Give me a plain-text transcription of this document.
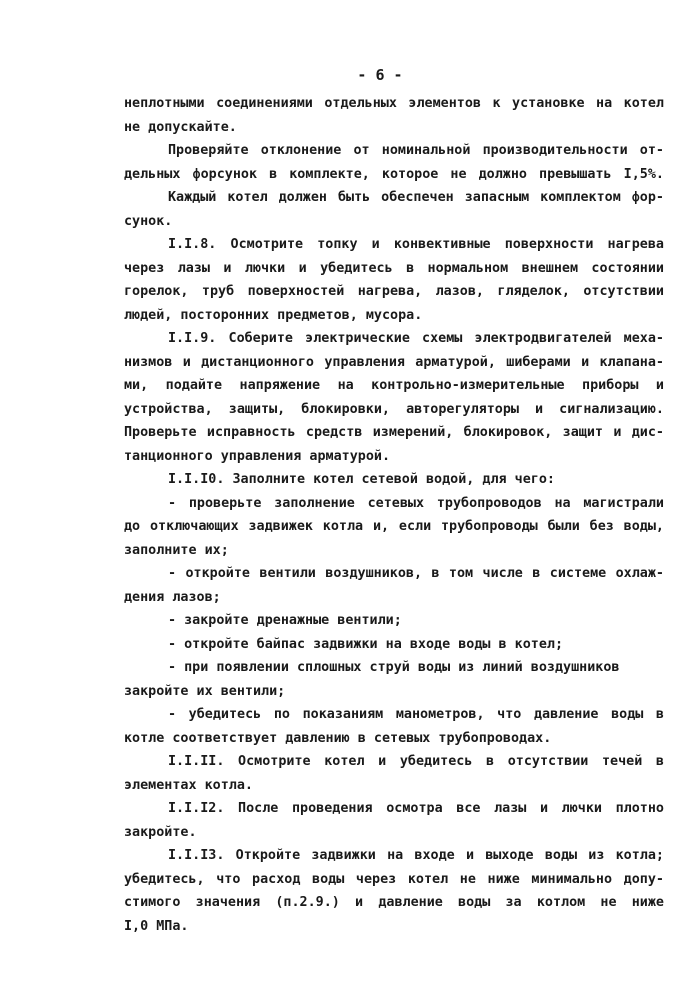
- 6 -
неплотными соединениями отдельных элементов к установке на котел
не допускайте.
Проверяйте отклонение от номинальной производительности от-
дельных форсунок в комплекте, которое не должно превышать I,5%.
Каждый котел должен быть обеспечен запасным комплектом фор-
сунок.
I.I.8. Осмотрите топку и конвективные поверхности нагрева
через лазы и лючки и убедитесь в нормальном внешнем состоянии
горелок, труб поверхностей нагрева, лазов, гляделок, отсутствии
людей, посторонних предметов, мусора.
I.I.9. Соберите электрические схемы электродвигателей меха-
низмов и дистанционного управления арматурой, шиберами и клапана-
ми, подайте напряжение на контрольно-измерительные приборы и
устройства, защиты, блокировки, авторегуляторы и сигнализацию.
Проверьте исправность средств измерений, блокировок, защит и дис-
танционного управления арматурой.
I.I.I0. Заполните котел сетевой водой, для чего:
- проверьте заполнение сетевых трубопроводов на магистрали
до отключающих задвижек котла и, если трубопроводы были без воды,
заполните их;
- откройте вентили воздушников, в том числе в системе охлаж-
дения лазов;
- закройте дренажные вентили;
- откройте байпас задвижки на входе воды в котел;
- при появлении сплошных струй воды из линий воздушников
закройте их вентили;
- убедитесь по показаниям манометров, что давление воды в
котле соответствует давлению в сетевых трубопроводах.
I.I.II. Осмотрите котел и убедитесь в отсутствии течей в
элементах котла.
I.I.I2. После проведения осмотра все лазы и лючки плотно
закройте.
I.I.I3. Откройте задвижки на входе и выходе воды из котла;
убедитесь, что расход воды через котел не ниже минимально допу-
стимого значения (п.2.9.) и давление воды за котлом не ниже
I,0 МПа.
